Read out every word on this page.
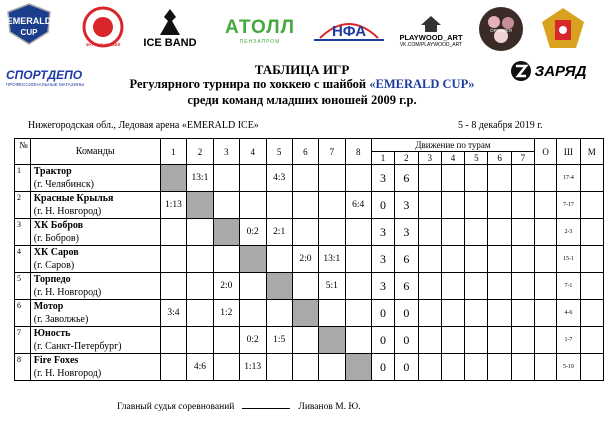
EMERALD
CUP
ФУТФОЛ·ХОККЕЙ ICE BAND
АТОЛЛ
ПЕНЗАПРОМ
НФА	PLAYWOOD_ART
VK.COM/PLAYWOOD_ART
ОРХИДЕЯ
СПОРТДЕПО
ПРОФЕССИОНАЛЬНЫЕ МАГАЗИНЫ
ЗАРЯД
ТАБЛИЦА ИГР
Регулярного турнира по хоккею с шайбой «EMERALD CUP»
среди команд младших юношей 2009 г.р.
Нижегородская обл., Ледовая арена «EMERALD ICE»	5 - 8 декабря 2019 г.
№	Команды	1	2	3	4	5	6	7	8	Движение по турам							О	Ш	М
										1	2	3	4	5	6	7			
1	Трактор
(г. Челябинск)		13:1			4:3				3	6							17-4	
2	Красные Крылья
(г. Н. Новгород)	1:13							6:4	0	3							7-17	
3	ХК Бобров
(г. Бобров)				0:2	2:1				3	3							2-3	
4	ХК Саров
(г. Саров)						2:0	13:1		3	6							15-1	
5	Торпедо
(г. Н. Новгород)			2:0				5:1		3	6							7-1	
6	Мотор
(г. Заволжье)	3:4		1:2						0	0							4-6	
7	Юность
(г. Санкт-Петербург)				0:2	1:5				0	0							1-7	
8	Fire Foxes
(г. Н. Новгород)		4:6		1:13					0	0							5-19	
Главный судья соревнований	Ливанов М. Ю.
